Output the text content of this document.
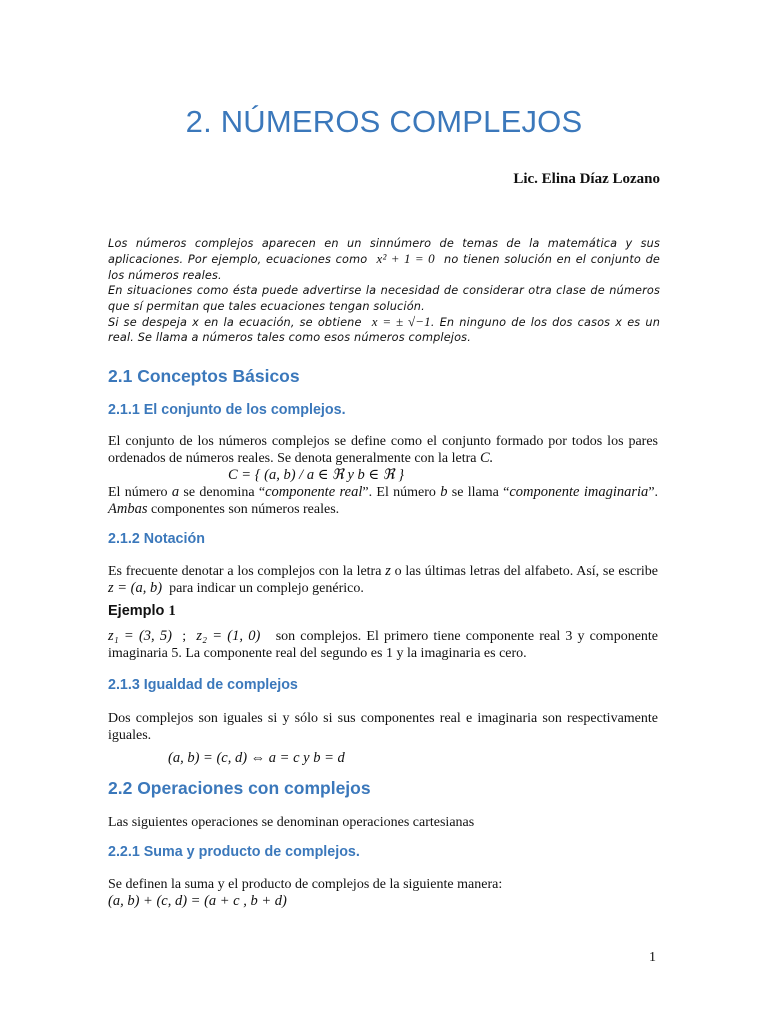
2. NÚMEROS COMPLEJOS
Lic. Elina Díaz Lozano

Los números complejos aparecen en un sinnúmero de temas de la matemática y sus aplicaciones. Por ejemplo, ecuaciones como x² + 1 = 0 no tienen solución en el conjunto de los números reales.

En situaciones como ésta puede advertirse la necesidad de considerar otra clase de números que sí permitan que tales ecuaciones tengan solución.

Si se despeja x en la ecuación, se obtiene x = ± √−1. En ninguno de los dos casos x es un real. Se llama a números tales como esos números complejos.

2.1 Conceptos Básicos
2.1.1 El conjunto de los complejos.

El conjunto de los números complejos se define como el conjunto formado por todos los pares ordenados de números reales. Se denota generalmente con la letra C.

C = { (a, b) / a ∈ ℜ y b ∈ ℜ }

El número a se denomina “componente real”. El número b se llama “componente imaginaria”. Ambas componentes son números reales.

2.1.2 Notación

Es frecuente denotar a los complejos con la letra z o las últimas letras del alfabeto. Así, se escribe z = (a, b) para indicar un complejo genérico.

Ejemplo 1

z₁ = (3, 5) ; z₂ = (1, 0) son complejos. El primero tiene componente real 3 y componente imaginaria 5. La componente real del segundo es 1 y la imaginaria es cero.

2.1.3 Igualdad de complejos

Dos complejos son iguales si y sólo si sus componentes real e imaginaria son respectivamente iguales.

(a, b) = (c, d) ⇔ a = c y b = d

2.2 Operaciones con complejos
Las siguientes operaciones se denominan operaciones cartesianas
2.2.1 Suma y producto de complejos.

Se definen la suma y el producto de complejos de la siguiente manera:

(a, b) + (c, d) = (a + c , b + d)

1
